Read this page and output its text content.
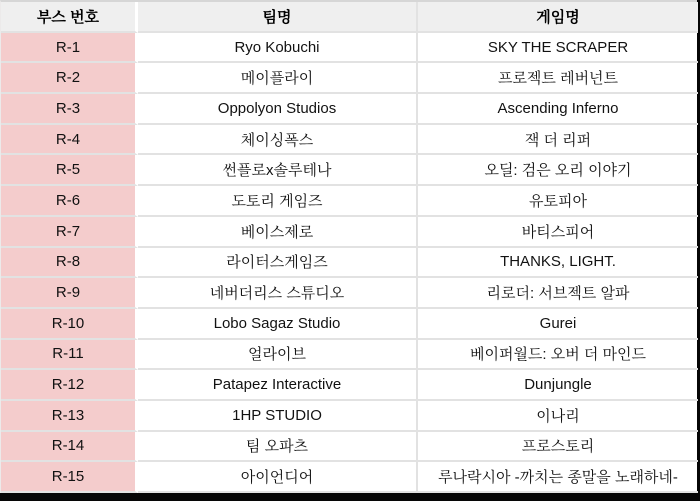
부스 번호	팀명	게임명
R-1	Ryo Kobuchi	SKY THE SCRAPER
R-2	메이플라이	프로젝트 레버넌트
R-3	Oppolyon Studios	Ascending Inferno
R-4	체이싱폭스	잭 더 리퍼
R-5	썬플로x솔루테나	오딜: 검은 오리 이야기
R-6	도토리 게임즈	유토피아
R-7	베이스제로	바티스피어
R-8	라이터스게임즈	THANKS, LIGHT.
R-9	네버더리스 스튜디오	리로더: 서브젝트 알파
R-10	Lobo Sagaz Studio	Gurei
R-11	얼라이브	베이퍼월드: 오버 더 마인드
R-12	Patapez Interactive	Dunjungle
R-13	1HP STUDIO	이나리
R-14	팀 오파츠	프로스토리
R-15	아이언디어	루나락시아 -까치는 종말을 노래하네-
